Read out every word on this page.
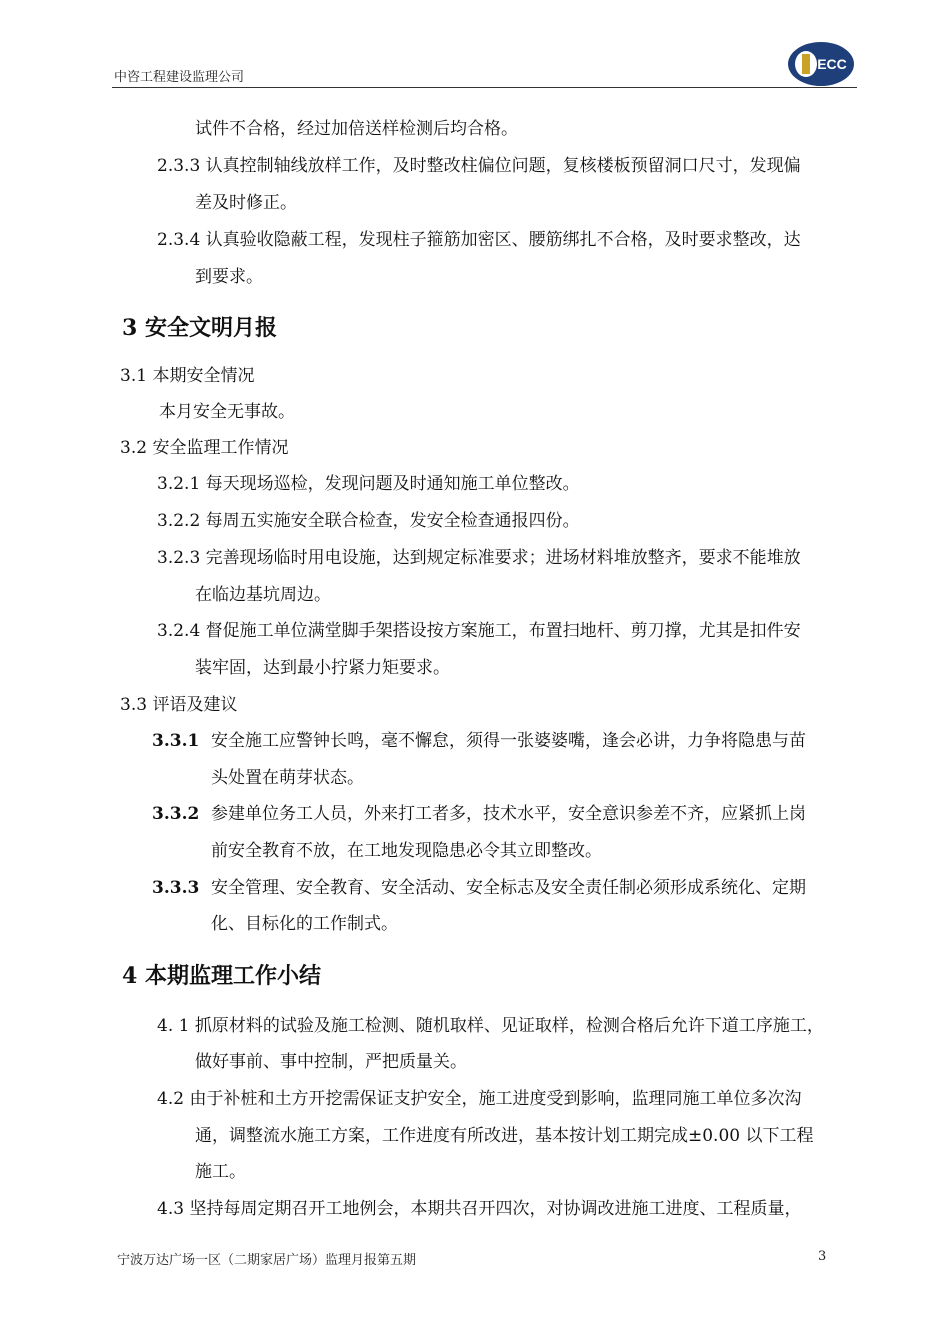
中咨工程建设监理公司
ECC
试件不合格，经过加倍送样检测后均合格。
2.3.3 认真控制轴线放样工作，及时整改柱偏位问题，复核楼板预留洞口尺寸，发现偏
差及时修正。
2.3.4 认真验收隐蔽工程，发现柱子箍筋加密区、腰筋绑扎不合格，及时要求整改，达
到要求。
3 安全文明月报
3.1 本期安全情况
本月安全无事故。
3.2 安全监理工作情况
3.2.1 每天现场巡检，发现问题及时通知施工单位整改。
3.2.2 每周五实施安全联合检查，发安全检查通报四份。
3.2.3 完善现场临时用电设施，达到规定标准要求；进场材料堆放整齐，要求不能堆放
在临边基坑周边。
3.2.4 督促施工单位满堂脚手架搭设按方案施工，布置扫地杆、剪刀撑，尤其是扣件安
装牢固，达到最小拧紧力矩要求。
3.3 评语及建议
3.3.1 安全施工应警钟长鸣，毫不懈怠，须得一张婆婆嘴，逢会必讲，力争将隐患与苗
头处置在萌芽状态。
3.3.2 参建单位务工人员，外来打工者多，技术水平，安全意识参差不齐，应紧抓上岗
前安全教育不放，在工地发现隐患必令其立即整改。
3.3.3 安全管理、安全教育、安全活动、安全标志及安全责任制必须形成系统化、定期
化、目标化的工作制式。
4 本期监理工作小结
4. 1 抓原材料的试验及施工检测、随机取样、见证取样，检测合格后允许下道工序施工，
做好事前、事中控制，严把质量关。
4.2 由于补桩和土方开挖需保证支护安全，施工进度受到影响，监理同施工单位多次沟
通，调整流水施工方案，工作进度有所改进，基本按计划工期完成±0.00 以下工程
施工。
4.3 坚持每周定期召开工地例会，本期共召开四次，对协调改进施工进度、工程质量，
宁波万达广场一区（二期家居广场）监理月报第五期	3
